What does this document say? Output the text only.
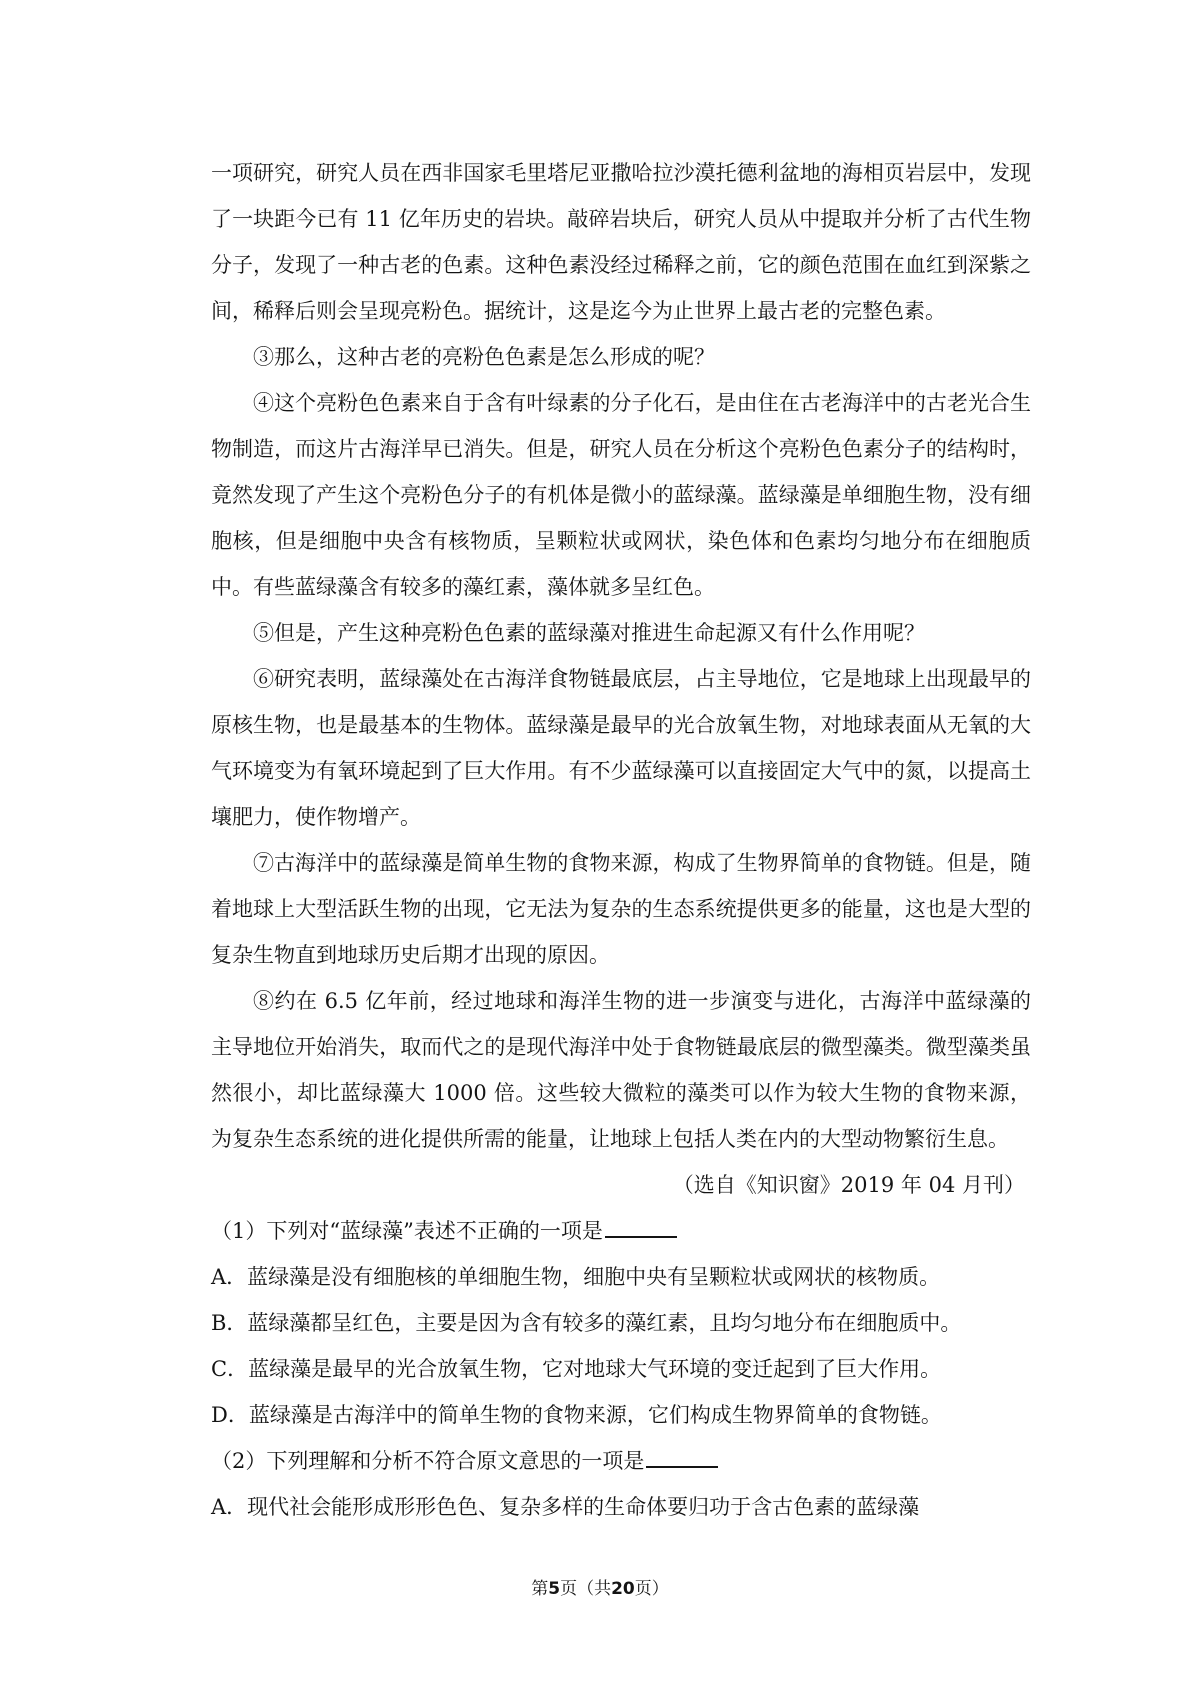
一项研究，研究人员在西非国家毛里塔尼亚撒哈拉沙漠托德利盆地的海相页岩层中，发现了一块距今已有 11 亿年历史的岩块。敲碎岩块后，研究人员从中提取并分析了古代生物分子，发现了一种古老的色素。这种色素没经过稀释之前，它的颜色范围在血红到深紫之间，稀释后则会呈现亮粉色。据统计，这是迄今为止世界上最古老的完整色素。

③那么，这种古老的亮粉色色素是怎么形成的呢？

④这个亮粉色色素来自于含有叶绿素的分子化石，是由住在古老海洋中的古老光合生物制造，而这片古海洋早已消失。但是，研究人员在分析这个亮粉色色素分子的结构时，竟然发现了产生这个亮粉色分子的有机体是微小的蓝绿藻。蓝绿藻是单细胞生物，没有细胞核，但是细胞中央含有核物质，呈颗粒状或网状，染色体和色素均匀地分布在细胞质中。有些蓝绿藻含有较多的藻红素，藻体就多呈红色。

⑤但是，产生这种亮粉色色素的蓝绿藻对推进生命起源又有什么作用呢？

⑥研究表明，蓝绿藻处在古海洋食物链最底层，占主导地位，它是地球上出现最早的原核生物，也是最基本的生物体。蓝绿藻是最早的光合放氧生物，对地球表面从无氧的大气环境变为有氧环境起到了巨大作用。有不少蓝绿藻可以直接固定大气中的氮，以提高土壤肥力，使作物增产。

⑦古海洋中的蓝绿藻是简单生物的食物来源，构成了生物界简单的食物链。但是，随着地球上大型活跃生物的出现，它无法为复杂的生态系统提供更多的能量，这也是大型的复杂生物直到地球历史后期才出现的原因。

⑧约在 6.5 亿年前，经过地球和海洋生物的进一步演变与进化，古海洋中蓝绿藻的主导地位开始消失，取而代之的是现代海洋中处于食物链最底层的微型藻类。微型藻类虽然很小，却比蓝绿藻大 1000 倍。这些较大微粒的藻类可以作为较大生物的食物来源，为复杂生态系统的进化提供所需的能量，让地球上包括人类在内的大型动物繁衍生息。

（选自《知识窗》2019 年 04 月刊）

（1）下列对“蓝绿藻”表述不正确的一项是

A．蓝绿藻是没有细胞核的单细胞生物，细胞中央有呈颗粒状或网状的核物质。

B．蓝绿藻都呈红色，主要是因为含有较多的藻红素，且均匀地分布在细胞质中。

C．蓝绿藻是最早的光合放氧生物，它对地球大气环境的变迁起到了巨大作用。

D．蓝绿藻是古海洋中的简单生物的食物来源，它们构成生物界简单的食物链。

（2）下列理解和分析不符合原文意思的一项是

A．现代社会能形成形形色色、复杂多样的生命体要归功于含古色素的蓝绿藻

第5页（共20页）
